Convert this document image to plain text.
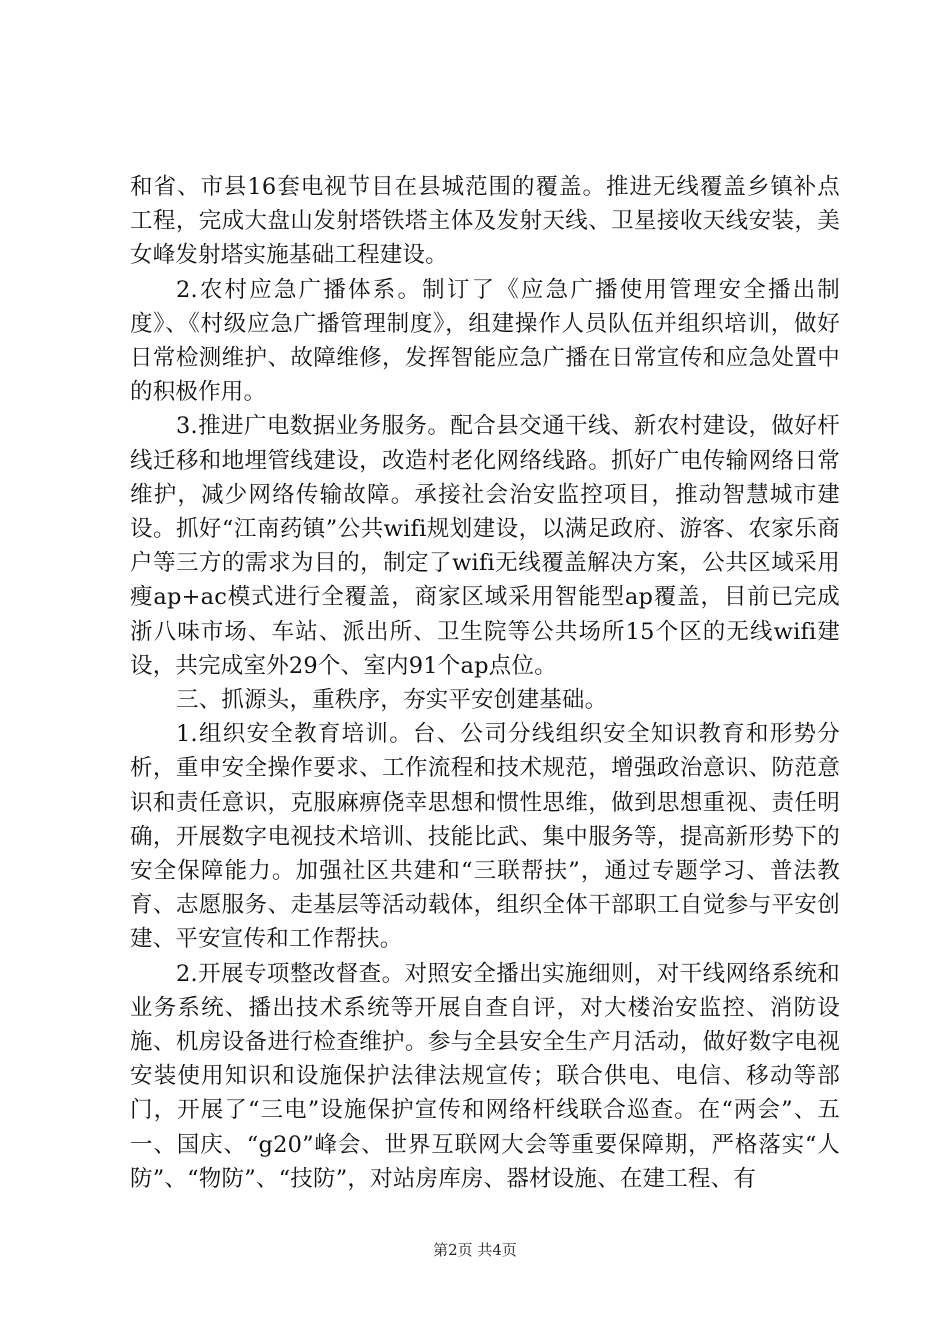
和省、市县16套电视节目在县城范围的覆盖。推进无线覆盖乡镇补点工程，完成大盘山发射塔铁塔主体及发射天线、卫星接收天线安装，美女峰发射塔实施基础工程建设。

2.农村应急广播体系。制订了《应急广播使用管理安全播出制度》、《村级应急广播管理制度》，组建操作人员队伍并组织培训，做好日常检测维护、故障维修，发挥智能应急广播在日常宣传和应急处置中的积极作用。

3.推进广电数据业务服务。配合县交通干线、新农村建设，做好杆线迁移和地埋管线建设，改造村老化网络线路。抓好广电传输网络日常维护，减少网络传输故障。承接社会治安监控项目，推动智慧城市建设。抓好“江南药镇”公共wifi规划建设，以满足政府、游客、农家乐商户等三方的需求为目的，制定了wifi无线覆盖解决方案，公共区域采用瘦ap+ac模式进行全覆盖，商家区域采用智能型ap覆盖，目前已完成浙八味市场、车站、派出所、卫生院等公共场所15个区的无线wifi建设，共完成室外29个、室内91个ap点位。

三、抓源头，重秩序，夯实平安创建基础。

1.组织安全教育培训。台、公司分线组织安全知识教育和形势分析，重申安全操作要求、工作流程和技术规范，增强政治意识、防范意识和责任意识，克服麻痹侥幸思想和惯性思维，做到思想重视、责任明确，开展数字电视技术培训、技能比武、集中服务等，提高新形势下的安全保障能力。加强社区共建和“三联帮扶”，通过专题学习、普法教育、志愿服务、走基层等活动载体，组织全体干部职工自觉参与平安创建、平安宣传和工作帮扶。

2.开展专项整改督查。对照安全播出实施细则，对干线网络系统和业务系统、播出技术系统等开展自查自评，对大楼治安监控、消防设施、机房设备进行检查维护。参与全县安全生产月活动，做好数字电视安装使用知识和设施保护法律法规宣传；联合供电、电信、移动等部门，开展了“三电”设施保护宣传和网络杆线联合巡查。在“两会”、五一、国庆、“g20”峰会、世界互联网大会等重要保障期，严格落实“人防”、“物防”、“技防”，对站房库房、器材设施、在建工程、有

第2页 共4页
